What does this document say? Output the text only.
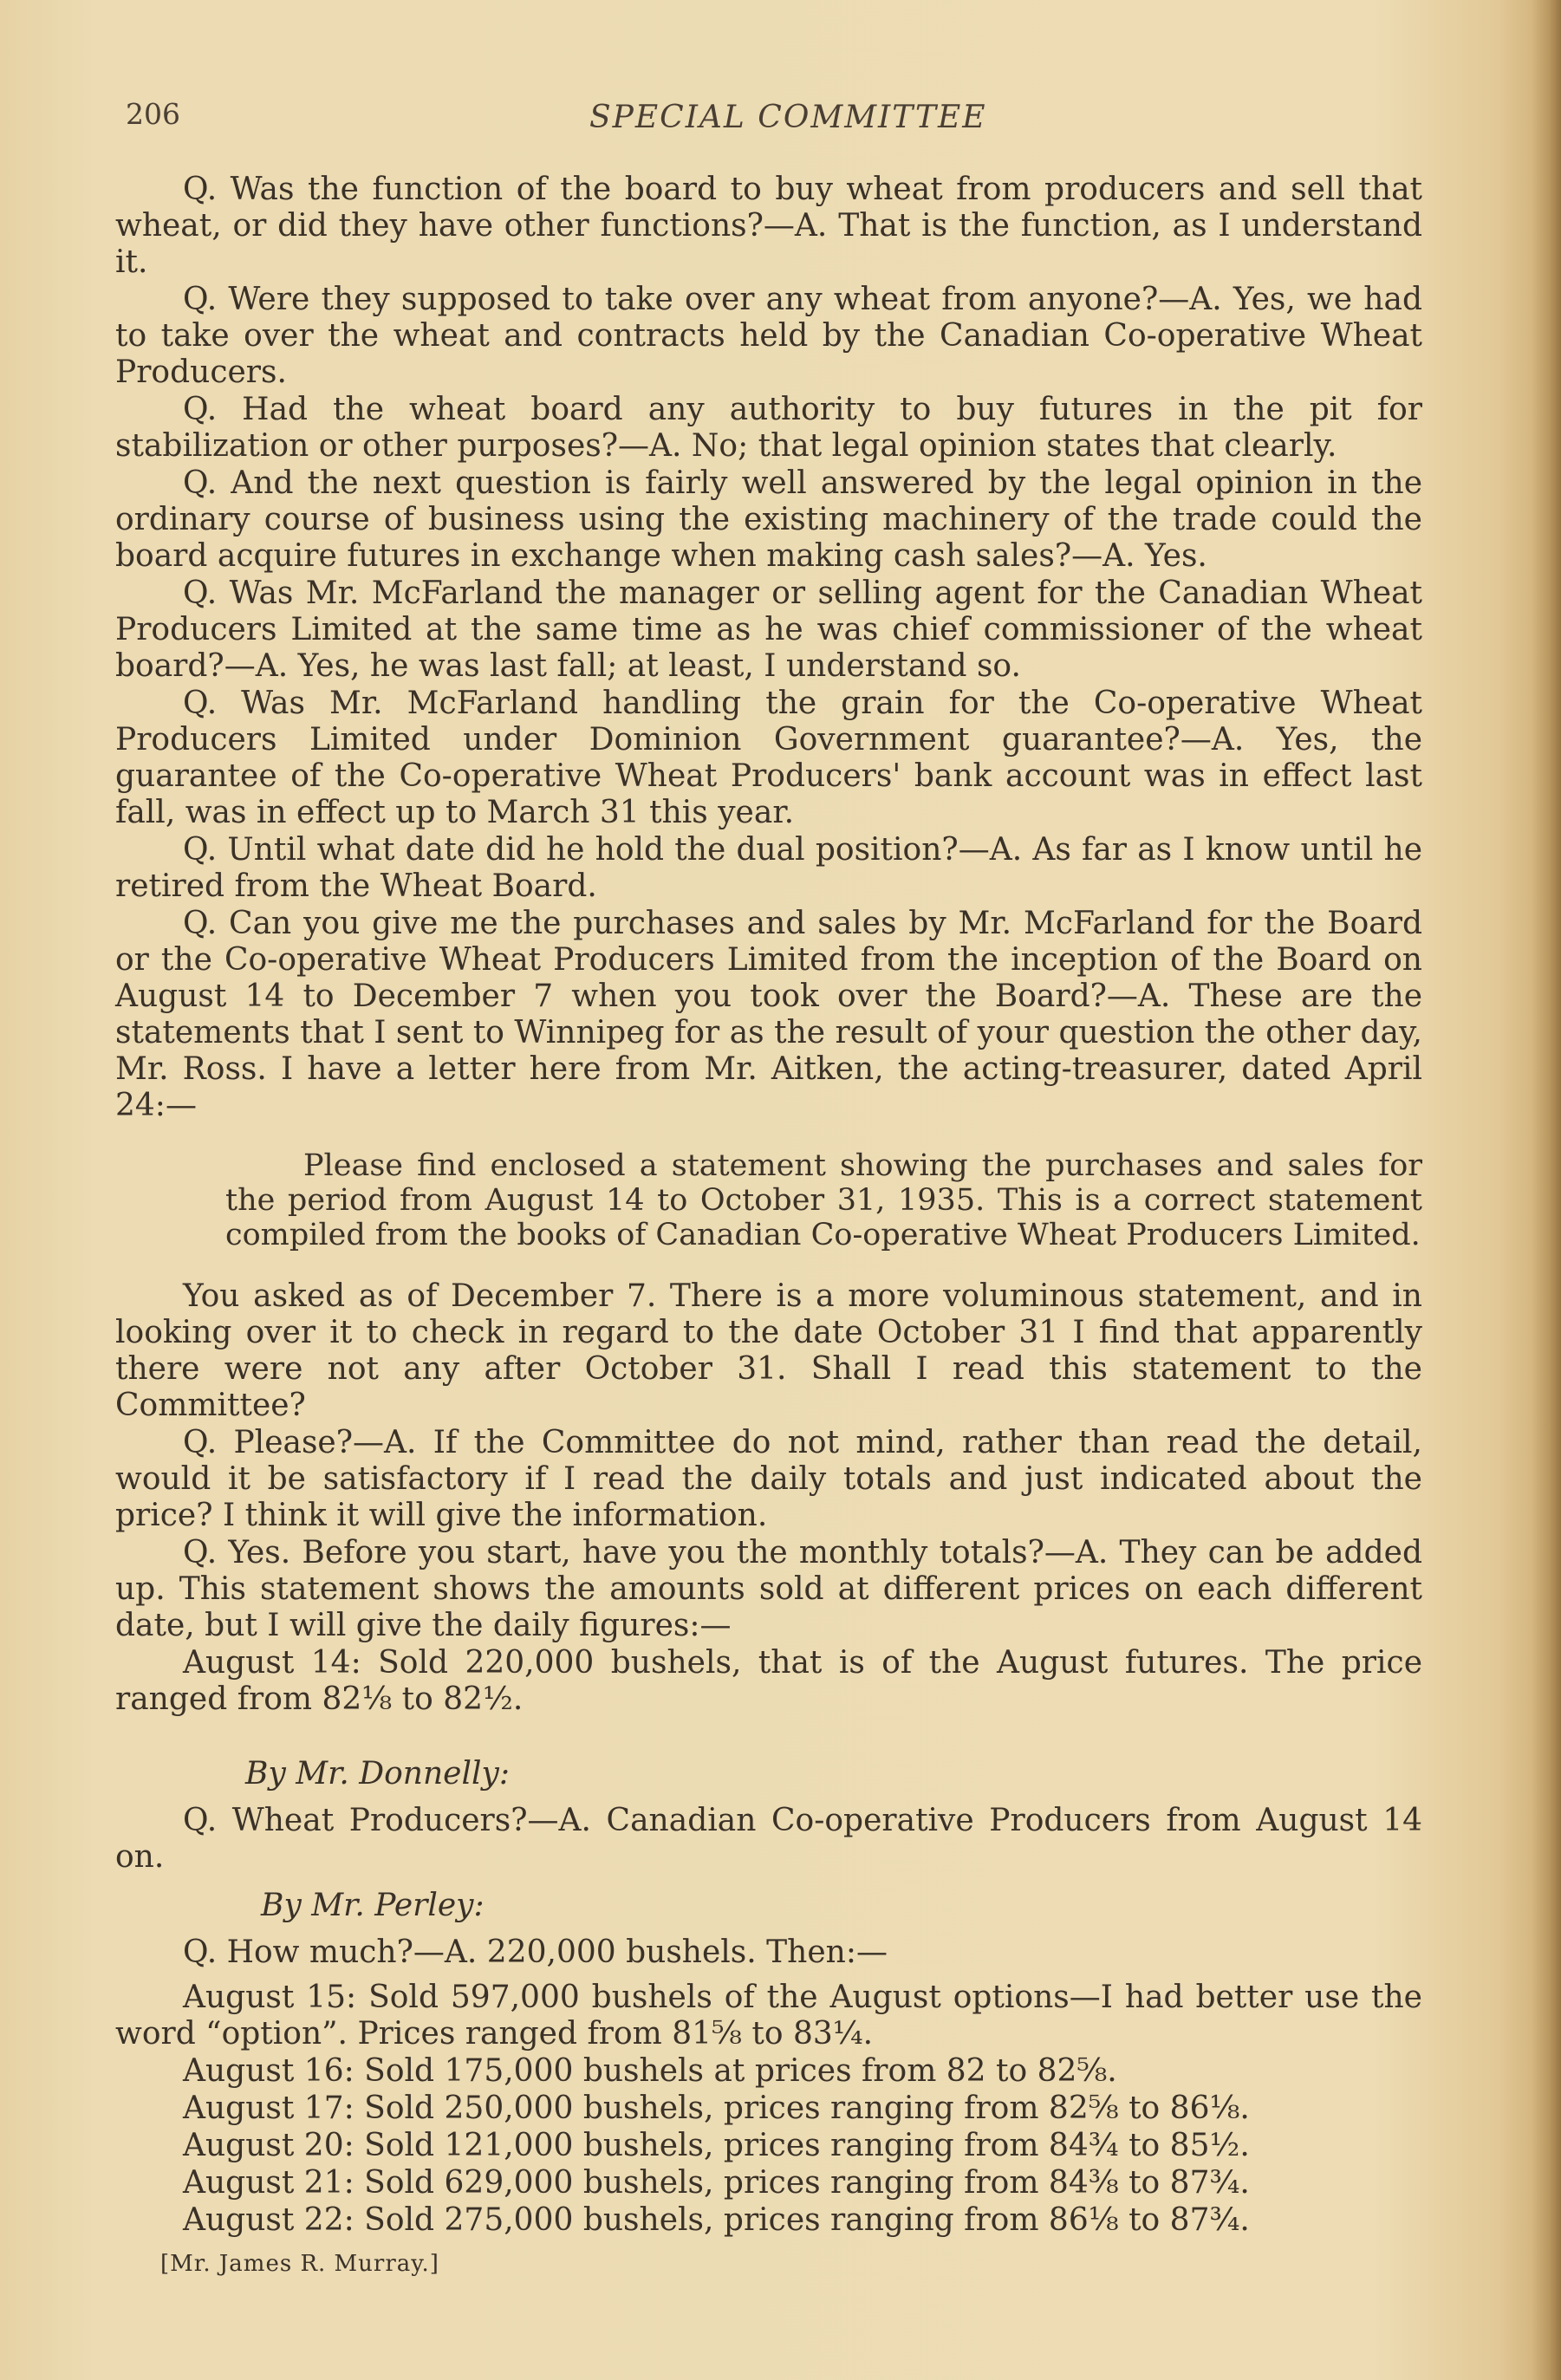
206	SPECIAL COMMITTEE

Q. Was the function of the board to buy wheat from producers and sell that wheat, or did they have other functions?—A. That is the function, as I understand it.

Q. Were they supposed to take over any wheat from anyone?—A. Yes, we had to take over the wheat and contracts held by the Canadian Co-operative Wheat Producers.

Q. Had the wheat board any authority to buy futures in the pit for stabilization or other purposes?—A. No; that legal opinion states that clearly.

Q. And the next question is fairly well answered by the legal opinion in the ordinary course of business using the existing machinery of the trade could the board acquire futures in exchange when making cash sales?—A. Yes.

Q. Was Mr. McFarland the manager or selling agent for the Canadian Wheat Producers Limited at the same time as he was chief commissioner of the wheat board?—A. Yes, he was last fall; at least, I understand so.

Q. Was Mr. McFarland handling the grain for the Co-operative Wheat Producers Limited under Dominion Government guarantee?—A. Yes, the guarantee of the Co-operative Wheat Producers' bank account was in effect last fall, was in effect up to March 31 this year.

Q. Until what date did he hold the dual position?—A. As far as I know until he retired from the Wheat Board.

Q. Can you give me the purchases and sales by Mr. McFarland for the Board or the Co-operative Wheat Producers Limited from the inception of the Board on August 14 to December 7 when you took over the Board?—A. These are the statements that I sent to Winnipeg for as the result of your question the other day, Mr. Ross. I have a letter here from Mr. Aitken, the acting-treasurer, dated April 24:—

Please find enclosed a statement showing the purchases and sales for the period from August 14 to October 31, 1935. This is a correct statement compiled from the books of Canadian Co-operative Wheat Producers Limited.

You asked as of December 7. There is a more voluminous statement, and in looking over it to check in regard to the date October 31 I find that apparently there were not any after October 31. Shall I read this statement to the Committee?

Q. Please?—A. If the Committee do not mind, rather than read the detail, would it be satisfactory if I read the daily totals and just indicated about the price? I think it will give the information.

Q. Yes. Before you start, have you the monthly totals?—A. They can be added up. This statement shows the amounts sold at different prices on each different date, but I will give the daily figures:—

August 14: Sold 220,000 bushels, that is of the August futures. The price ranged from 82⅛ to 82½.

By Mr. Donnelly:

Q. Wheat Producers?—A. Canadian Co-operative Producers from August 14 on.

By Mr. Perley:

Q. How much?—A. 220,000 bushels. Then:—

August 15: Sold 597,000 bushels of the August options—I had better use the word “option”. Prices ranged from 81⅝ to 83¼.

August 16: Sold 175,000 bushels at prices from 82 to 82⅝.

August 17: Sold 250,000 bushels, prices ranging from 82⅝ to 86⅛.

August 20: Sold 121,000 bushels, prices ranging from 84¾ to 85½.

August 21: Sold 629,000 bushels, prices ranging from 84⅜ to 87¾.

August 22: Sold 275,000 bushels, prices ranging from 86⅛ to 87¾.

[Mr. James R. Murray.]
